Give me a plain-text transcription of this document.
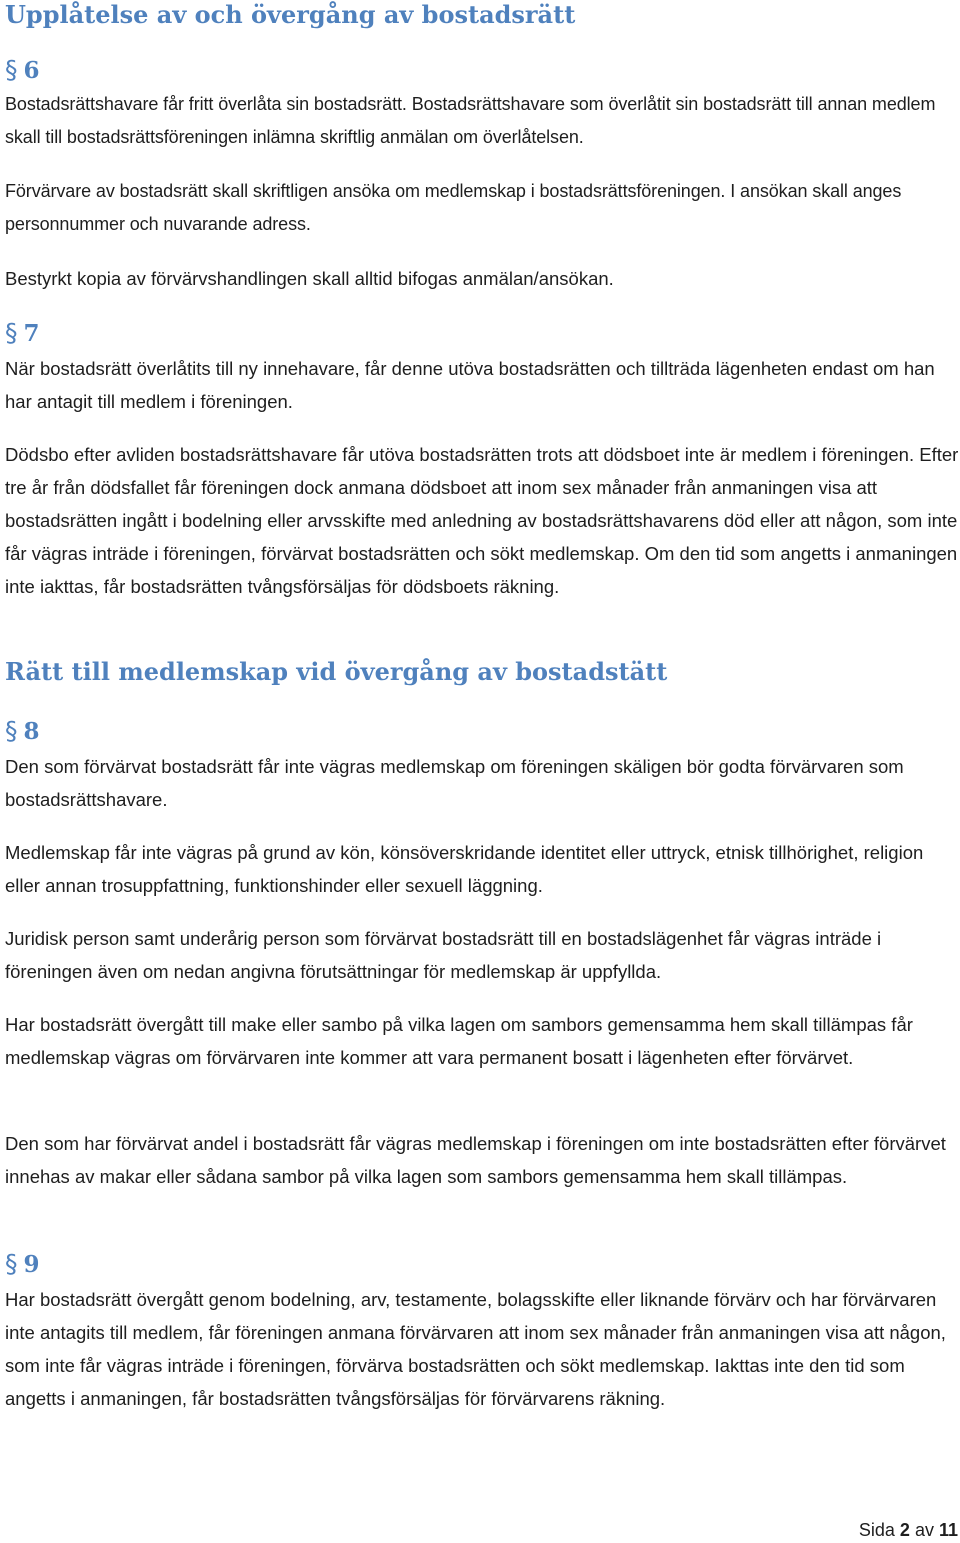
Upplåtelse av och övergång av bostadsrätt
§ 6

Bostadsrättshavare får fritt överlåta sin bostadsrätt. Bostadsrättshavare som överlåtit sin bostadsrätt till annan medlem skall till bostadsrättsföreningen inlämna skriftlig anmälan om överlåtelsen.

Förvärvare av bostadsrätt skall skriftligen ansöka om medlemskap i bostadsrättsföreningen. I ansökan skall anges personnummer och nuvarande adress.

Bestyrkt kopia av förvärvshandlingen skall alltid bifogas anmälan/ansökan.

§ 7

När bostadsrätt överlåtits till ny innehavare, får denne utöva bostadsrätten och tillträda lägenheten endast om han har antagit till medlem i föreningen.

Dödsbo efter avliden bostadsrättshavare får utöva bostadsrätten trots att dödsboet inte är medlem i föreningen. Efter tre år från dödsfallet får föreningen dock anmana dödsboet att inom sex månader från anmaningen visa att bostadsrätten ingått i bodelning eller arvsskifte med anledning av bostadsrättshavarens död eller att någon, som inte får vägras inträde i föreningen, förvärvat bostadsrätten och sökt medlemskap. Om den tid som angetts i anmaningen inte iakttas, får bostadsrätten tvångsförsäljas för dödsboets räkning.

Rätt till medlemskap vid övergång av bostadstätt
§ 8

Den som förvärvat bostadsrätt får inte vägras medlemskap om föreningen skäligen bör godta förvärvaren som bostadsrättshavare.

Medlemskap får inte vägras på grund av kön, könsöverskridande identitet eller uttryck, etnisk tillhörighet, religion eller annan trosuppfattning, funktionshinder eller sexuell läggning.

Juridisk person samt underårig person som förvärvat bostadsrätt till en bostadslägenhet får vägras inträde i föreningen även om nedan angivna förutsättningar för medlemskap är uppfyllda.

Har bostadsrätt övergått till make eller sambo på vilka lagen om sambors gemensamma hem skall tillämpas får medlemskap vägras om förvärvaren inte kommer att vara permanent bosatt i lägenheten efter förvärvet.

Den som har förvärvat andel i bostadsrätt får vägras medlemskap i föreningen om inte bostadsrätten efter förvärvet innehas av makar eller sådana sambor på vilka lagen som sambors gemensamma hem skall tillämpas.

§ 9

Har bostadsrätt övergått genom bodelning, arv, testamente, bolagsskifte eller liknande förvärv och har förvärvaren inte antagits till medlem, får föreningen anmana förvärvaren att inom sex månader från anmaningen visa att någon, som inte får vägras inträde i föreningen, förvärva bostadsrätten och sökt medlemskap. Iakttas inte den tid som angetts i anmaningen, får bostadsrätten tvångsförsäljas för förvärvarens räkning.

Sida 2 av 11
